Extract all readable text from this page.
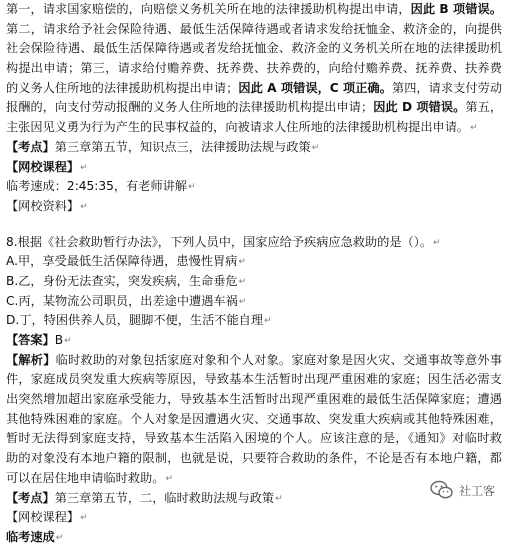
第一，请求国家赔偿的，向赔偿义务机关所在地的法律援助机构提出申请，因此 B 项错误。
第二，请求给予社会保险待遇、最低生活保障待遇或者请求发给抚恤金、救济金的，向提供
社会保险待遇、最低生活保障待遇或者发给抚恤金、救济金的义务机关所在地的法律援助机
构提出申请；第三，请求给付赡养费、抚养费、扶养费的，向给付赡养费、抚养费、扶养费
的义务人住所地的法律援助机构提出申请；因此 A 项错误，C 项正确。第四，请求支付劳动
报酬的，向支付劳动报酬的义务人住所地的法律援助机构提出申请；因此 D 项错误。第五，
主张因见义勇为行为产生的民事权益的，向被请求人住所地的法律援助机构提出申请。↵
【考点】第三章第五节，知识点三，法律援助法规与政策↵
【网校课程】↵
临考速成：2:45:35，有老师讲解↵
【网校资料】↵
8.根据《社会救助暂行办法》，下列人员中，国家应给予疾病应急救助的是（）。↵
A.甲，享受最低生活保障待遇，患慢性胃病↵
B.乙，身份无法查实，突发疾病，生命垂危↵
C.丙，某物流公司职员，出差途中遭遇车祸↵
D.丁，特困供养人员，腿脚不便，生活不能自理↵
【答案】B↵
【解析】临时救助的对象包括家庭对象和个人对象。家庭对象是因火灾、交通事故等意外事
件，家庭成员突发重大疾病等原因，导致基本生活暂时出现严重困难的家庭；因生活必需支
出突然增加超出家庭承受能力，导致基本生活暂时出现严重困难的最低生活保障家庭；遭遇
其他特殊困难的家庭。个人对象是因遭遇火灾、交通事故、突发重大疾病或其他特殊困难，
暂时无法得到家庭支持，导致基本生活陷入困境的个人。应该注意的是，《通知》对临时救
助的对象没有本地户籍的限制，也就是说，只要符合救助的条件，不论是否有本地户籍，都
可以在居住地申请临时救助。↵
【考点】第三章第五节，二，临时救助法规与政策↵
【网校课程】↵
临考速成↵
社工客
